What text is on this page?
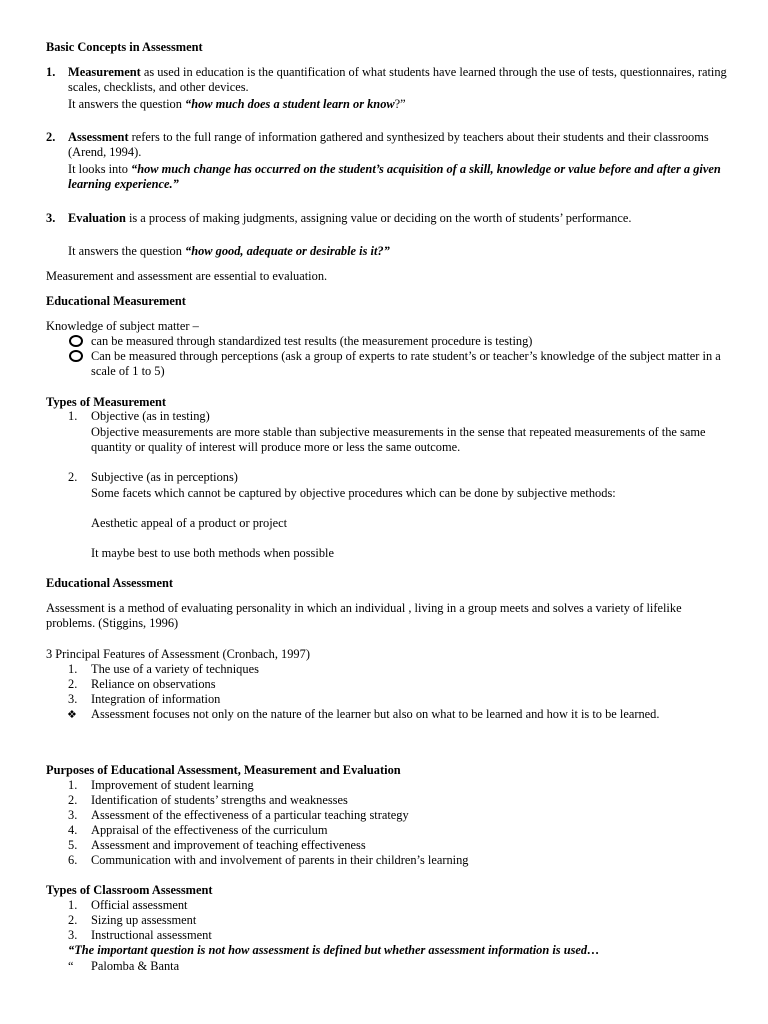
Basic Concepts in Assessment
1. Measurement as used in education is the quantification of what students have learned through the use of tests, questionnaires, rating scales, checklists, and other devices.
It answers the question “how much does a student learn or know?”
2. Assessment refers to the full range of information gathered and synthesized by teachers about their students and their classrooms (Arend, 1994).
It looks into “how much change has occurred on the student’s acquisition of a skill, knowledge or value before and after a given learning experience.”
3. Evaluation is a process of making judgments, assigning value or deciding on the worth of students’ performance.
It answers the question “how good, adequate or desirable is it?”
Measurement and assessment are essential to evaluation.
Educational Measurement
Knowledge of subject matter –
can be measured through standardized test results (the measurement procedure is testing)
Can be measured through perceptions (ask a group of experts to rate student’s or teacher’s knowledge of the subject matter in a scale of 1 to 5)
Types of Measurement
1. Objective (as in testing)
Objective measurements are more stable than subjective measurements in the sense that repeated measurements of the same quantity or quality of interest will produce more or less the same outcome.
2. Subjective (as in perceptions)
Some facets which cannot be captured by objective procedures which can be done by subjective methods:
Aesthetic appeal of a product or project
It maybe best to use both methods when possible
Educational Assessment
Assessment is a method of evaluating personality in which an individual , living in a group meets and solves a variety of lifelike problems. (Stiggins, 1996)
3 Principal Features of Assessment (Cronbach, 1997)
1. The use of a variety of techniques
2. Reliance on observations
3. Integration of information
❖ Assessment focuses not only on the nature of the learner but also on what to be learned and how it is to be learned.
Purposes of Educational Assessment, Measurement and Evaluation
1. Improvement of student learning
2. Identification of students’ strengths and weaknesses
3. Assessment of the effectiveness of a particular teaching strategy
4. Appraisal of the effectiveness of the curriculum
5. Assessment and improvement of teaching effectiveness
6. Communication with and involvement of parents in their children’s learning
Types of Classroom Assessment
1. Official assessment
2. Sizing up assessment
3. Instructional assessment
“The important question is not how assessment is defined but whether assessment information is used…
“ Palomba & Banta
